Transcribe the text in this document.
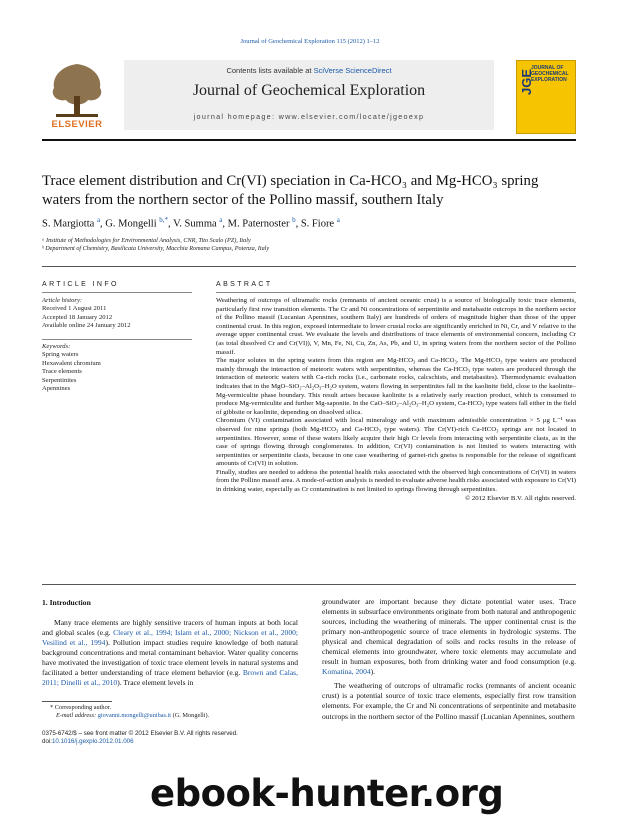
Journal of Geochemical Exploration 115 (2012) 1–12
ELSEVIER
Contents lists available at SciVerse ScienceDirect
Journal of Geochemical Exploration
journal homepage: www.elsevier.com/locate/jgeoexp
JGE
JOURNAL OF GEOCHEMICAL EXPLORATION
Trace element distribution and Cr(VI) speciation in Ca-HCO₃ and Mg-HCO₃ spring waters from the northern sector of the Pollino massif, southern Italy
S. Margiotta $^a$, G. Mongelli $^{b,*}$, V. Summa $^a$, M. Paternoster $^b$, S. Fiore $^a$
ᵃ Institute of Methodologies for Environmental Analysis, CNR, Tito Scalo (PZ), Italy
ᵇ Department of Chemistry, Basilicata University, Macchia Romana Campus, Potenza, Italy
ARTICLE INFO	ABSTRACT
Article history:
Received 1 August 2011
Accepted 18 January 2012
Available online 24 January 2012
Keywords:
Spring waters
Hexavalent chromium
Trace elements
Serpentinites
Apennines

Weathering of outcrops of ultramafic rocks (remnants of ancient oceanic crust) is a source of biologically toxic trace elements, particularly first row transition elements. The Cr and Ni concentrations of serpentinite and metabasite outcrops in the northern sector of the Pollino massif (Lucanian Apennines, southern Italy) are hundreds of orders of magnitude higher than those of the upper continental crust. In this region, exposed intermediate to lower crustal rocks are significantly enriched in Ni, Cr, and V relative to the average upper continental crust. We evaluate the levels and distributions of trace elements of environmental concern, including Cr (as total dissolved Cr and Cr(VI)), V, Mn, Fe, Ni, Cu, Zn, As, Pb, and U, in spring waters from the northern sector of the Pollino massif.

The major solutes in the spring waters from this region are Mg-HCO₃ and Ca-HCO₃. The Mg-HCO₃ type waters are produced mainly through the interaction of meteoric waters with serpentinites, whereas the Ca-HCO₃ type waters are produced through the interaction of meteoric waters with Ca-rich rocks (i.e., carbonate rocks, calcschists, and metabasites). Thermodynamic evaluation indicates that in the MgO–SiO₂–Al₂O₃–H₂O system, waters flowing in serpentinites fall in the kaolinite field, close to the kaolinite–Mg-vermiculite phase boundary. This result arises because kaolinite is a relatively early reaction product, which is consumed to produce Mg-vermiculite and further Mg-saponite. In the CaO–SiO₂–Al₂O₃–H₂O system, Ca-HCO₃ type waters fall either in the field of gibbsite or kaolinite, depending on dissolved silica.

Chromium (VI) contamination associated with local mineralogy and with maximum admissible concentration > 5 μg L⁻¹ was observed for nine springs (both Mg-HCO₃ and Ca-HCO₃ type waters). The Cr(VI)-rich Ca-HCO₃ springs are not located in serpentinites. However, some of these waters likely acquire their high Cr levels from interacting with serpentinite clasts, as in the case of springs flowing through conglomerates. In addition, Cr(VI) contamination is not limited to waters interacting with serpentinites or serpentinite clasts, because in one case weathering of garnet-rich gneiss is responsible for the release of significant amounts of Cr(VI) in solution.

Finally, studies are needed to address the potential health risks associated with the observed high concentrations of Cr(VI) in waters from the Pollino massif area. A mode-of-action analysis is needed to evaluate adverse health risks associated with exposure to Cr(VI) in drinking water, especially as Cr contamination is not limited to springs flowing through serpentinites.

© 2012 Elsevier B.V. All rights reserved.

1. Introduction

Many trace elements are highly sensitive tracers of human inputs at both local and global scales (e.g. Cleary et al., 1994; Islam et al., 2000; Nickson et al., 2000; Vesilind et al., 1994). Pollution impact studies require knowledge of both natural background concentrations and metal contaminant behavior. Water quality concerns have motivated the investigation of toxic trace element levels in natural systems and facilitated a better understanding of trace element behavior (e.g. Brown and Calas, 2011; Dinelli et al., 2010). Trace element levels in

groundwater are important because they dictate potential water uses. Trace elements in subsurface environments originate from both natural and anthropogenic sources, including the weathering of minerals. The upper continental crust is the primary non-anthropogenic source of trace elements in hydrologic systems. The physical and chemical degradation of soils and rocks results in the release of chemical elements into groundwater, where toxic elements may accumulate and result in human exposures, both from drinking water and food consumption (e.g. Komatina, 2004).

The weathering of outcrops of ultramafic rocks (remnants of ancient oceanic crust) is a potential source of toxic trace elements, especially first row transition elements. For example, the Cr and Ni concentrations of serpentinite and metabasite outcrops in the northern sector of the Pollino massif (Lucanian Apennines, southern

* Corresponding author.
E-mail address: giovanni.mongelli@unibas.it (G. Mongelli).
0375-6742/$ – see front matter © 2012 Elsevier B.V. All rights reserved.
doi:10.1016/j.gexplo.2012.01.006
ebook-hunter.org
